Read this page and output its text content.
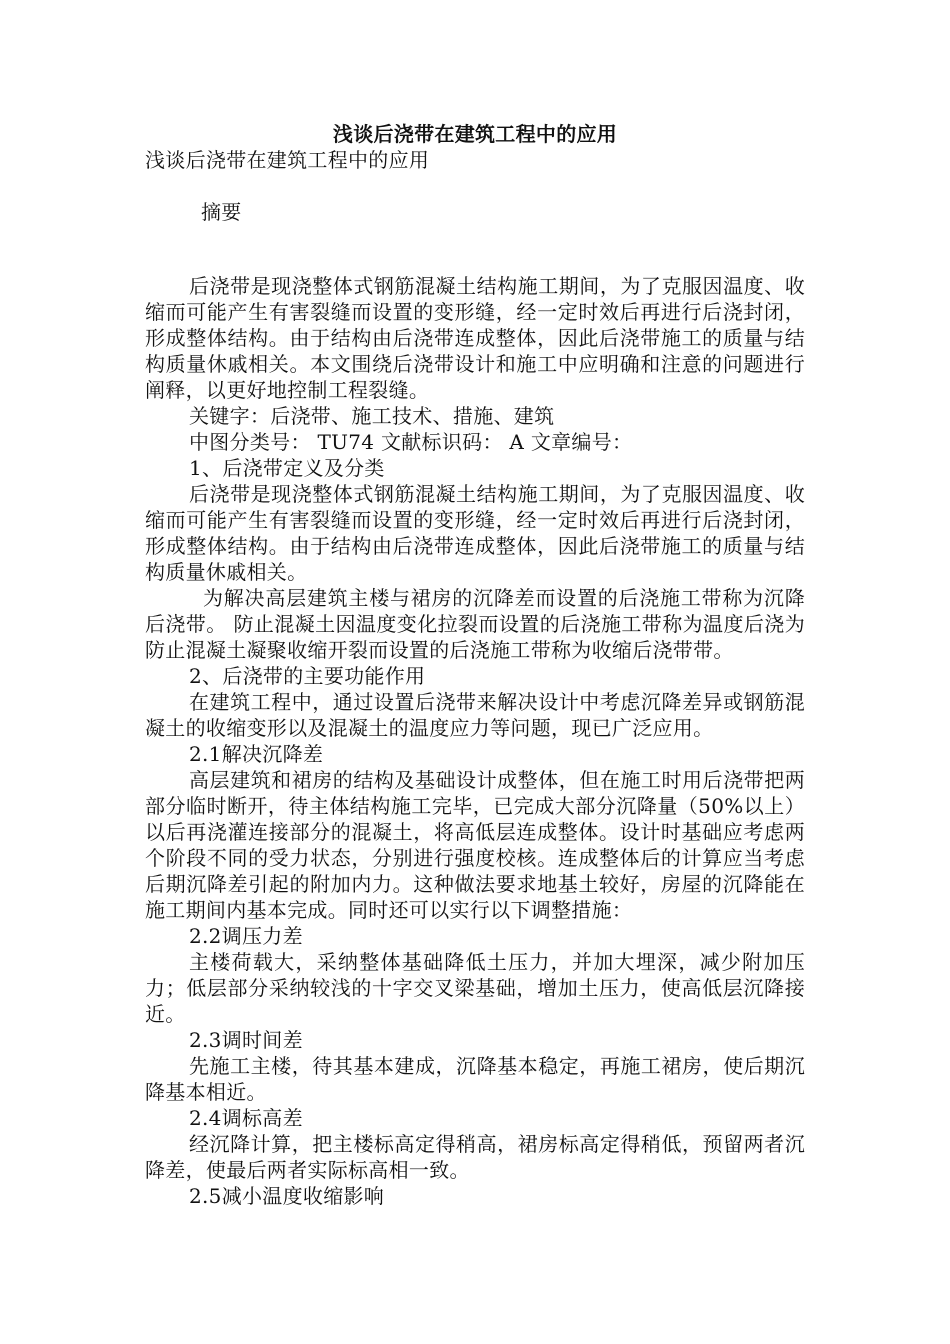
浅谈后浇带在建筑工程中的应用

浅谈后浇带在建筑工程中的应用

摘要

后浇带是现浇整体式钢筋混凝土结构施工期间，为了克服因温度、收缩而可能产生有害裂缝而设置的变形缝，经一定时效后再进行后浇封闭，形成整体结构。由于结构由后浇带连成整体，因此后浇带施工的质量与结构质量休戚相关。本文围绕后浇带设计和施工中应明确和注意的问题进行阐释，以更好地控制工程裂缝。

关键字：后浇带、施工技术、措施、建筑

中图分类号： TU74 文献标识码： A 文章编号：

1、后浇带定义及分类

后浇带是现浇整体式钢筋混凝土结构施工期间，为了克服因温度、收缩而可能产生有害裂缝而设置的变形缝，经一定时效后再进行后浇封闭，形成整体结构。由于结构由后浇带连成整体，因此后浇带施工的质量与结构质量休戚相关。

为解决高层建筑主楼与裙房的沉降差而设置的后浇施工带称为沉降后浇带。 防止混凝土因温度变化拉裂而设置的后浇施工带称为温度后浇为防止混凝土凝聚收缩开裂而设置的后浇施工带称为收缩后浇带带。

2、后浇带的主要功能作用

在建筑工程中，通过设置后浇带来解决设计中考虑沉降差异或钢筋混凝土的收缩变形以及混凝土的温度应力等问题，现已广泛应用。

2.1解决沉降差

高层建筑和裙房的结构及基础设计成整体，但在施工时用后浇带把两部分临时断开，待主体结构施工完毕，已完成大部分沉降量（50%以上）以后再浇灌连接部分的混凝土，将高低层连成整体。设计时基础应考虑两个阶段不同的受力状态，分别进行强度校核。连成整体后的计算应当考虑后期沉降差引起的附加内力。这种做法要求地基土较好，房屋的沉降能在施工期间内基本完成。同时还可以实行以下调整措施：

2.2调压力差

主楼荷载大，采纳整体基础降低土压力，并加大埋深，减少附加压力；低层部分采纳较浅的十字交叉梁基础，增加土压力，使高低层沉降接近。

2.3调时间差

先施工主楼，待其基本建成，沉降基本稳定，再施工裙房，使后期沉降基本相近。

2.4调标高差

经沉降计算，把主楼标高定得稍高，裙房标高定得稍低，预留两者沉降差，使最后两者实际标高相一致。

2.5减小温度收缩影响
